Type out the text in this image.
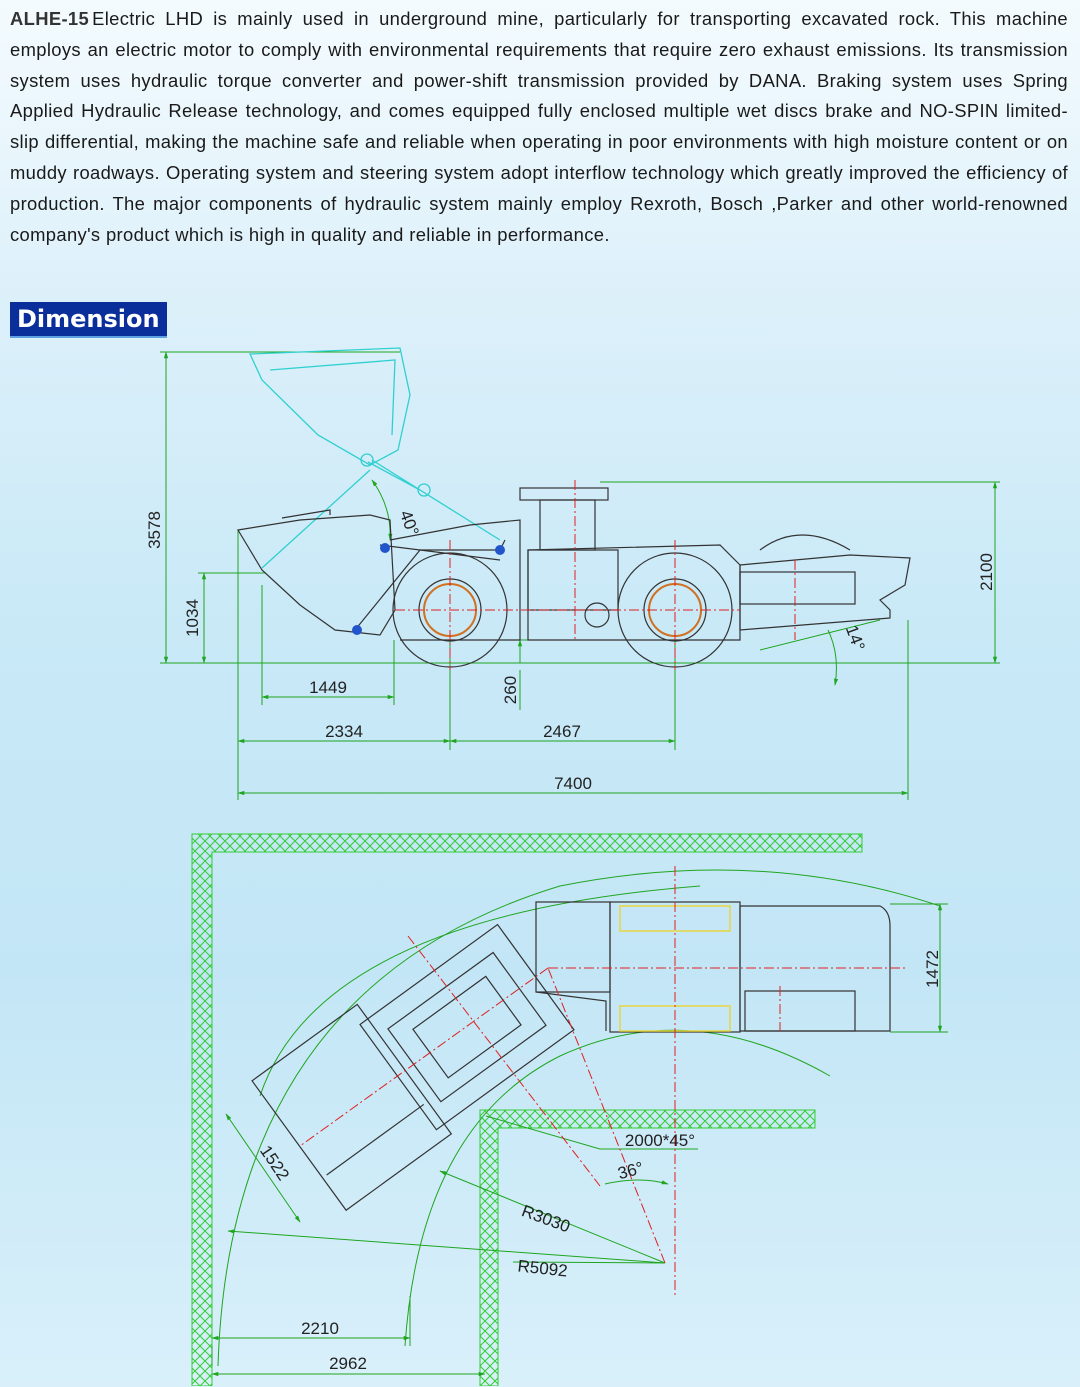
ALHE-15 Electric LHD is mainly used in underground mine, particularly for transporting excavated rock. This machine employs an electric motor to comply with environmental requirements that require zero exhaust emissions. Its transmission system uses hydraulic torque converter and power-shift transmission provided by DANA. Braking system uses Spring Applied Hydraulic Release technology, and comes equipped fully enclosed multiple wet discs brake and NO-SPIN limited-slip differential, making the machine safe and reliable when operating in poor environments with high moisture content or on muddy roadways. Operating system and steering system adopt interflow technology which greatly improved the efficiency of production. The major components of hydraulic system mainly employ Rexroth, Bosch ,Parker and other world-renowned company's product which is high in quality and reliable in performance.

Dimension
3578
1034
2100
1449	260
2334	2467
7400
40°
14°
1472
1522
2000*45°
36°
R3030
R5092
2210
2962
